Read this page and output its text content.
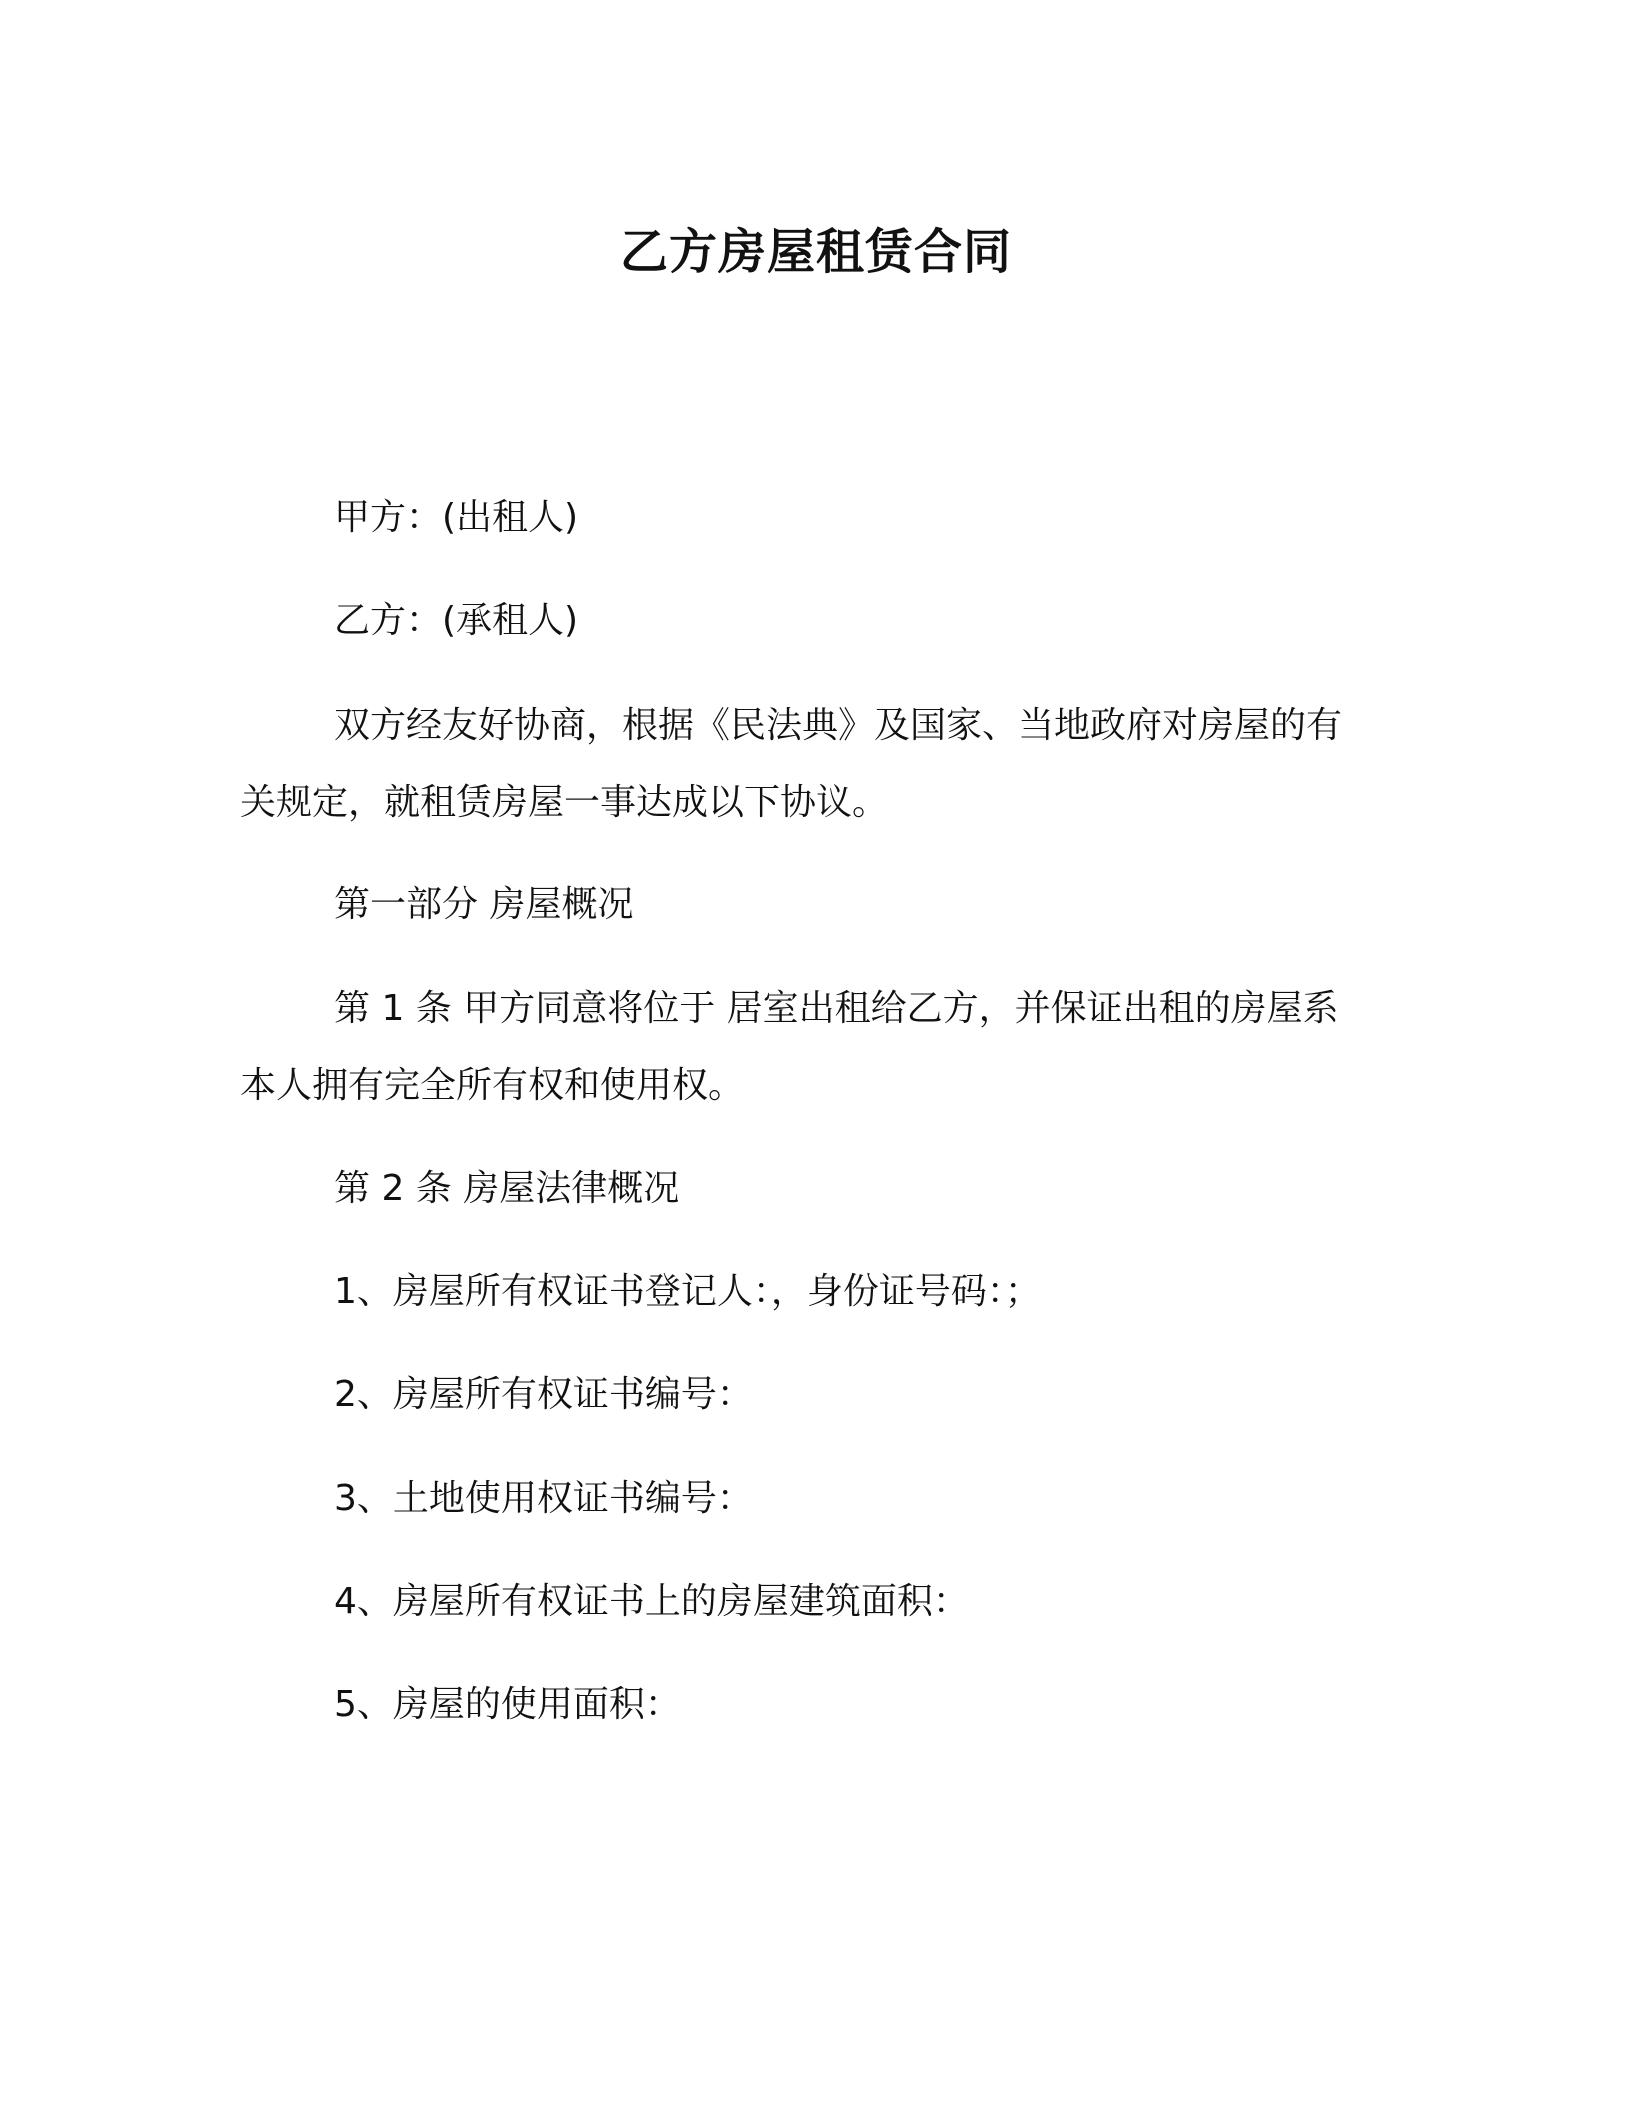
乙方房屋租赁合同
甲方：(出租人)
乙方：(承租人)
双方经友好协商，根据《民法典》及国家、当地政府对房屋的有
关规定，就租赁房屋一事达成以下协议。
第一部分 房屋概况
第 1 条 甲方同意将位于 居室出租给乙方，并保证出租的房屋系
本人拥有完全所有权和使用权。
第 2 条 房屋法律概况
1、房屋所有权证书登记人：，身份证号码：；
2、房屋所有权证书编号：
3、土地使用权证书编号：
4、房屋所有权证书上的房屋建筑面积：
5、房屋的使用面积：
